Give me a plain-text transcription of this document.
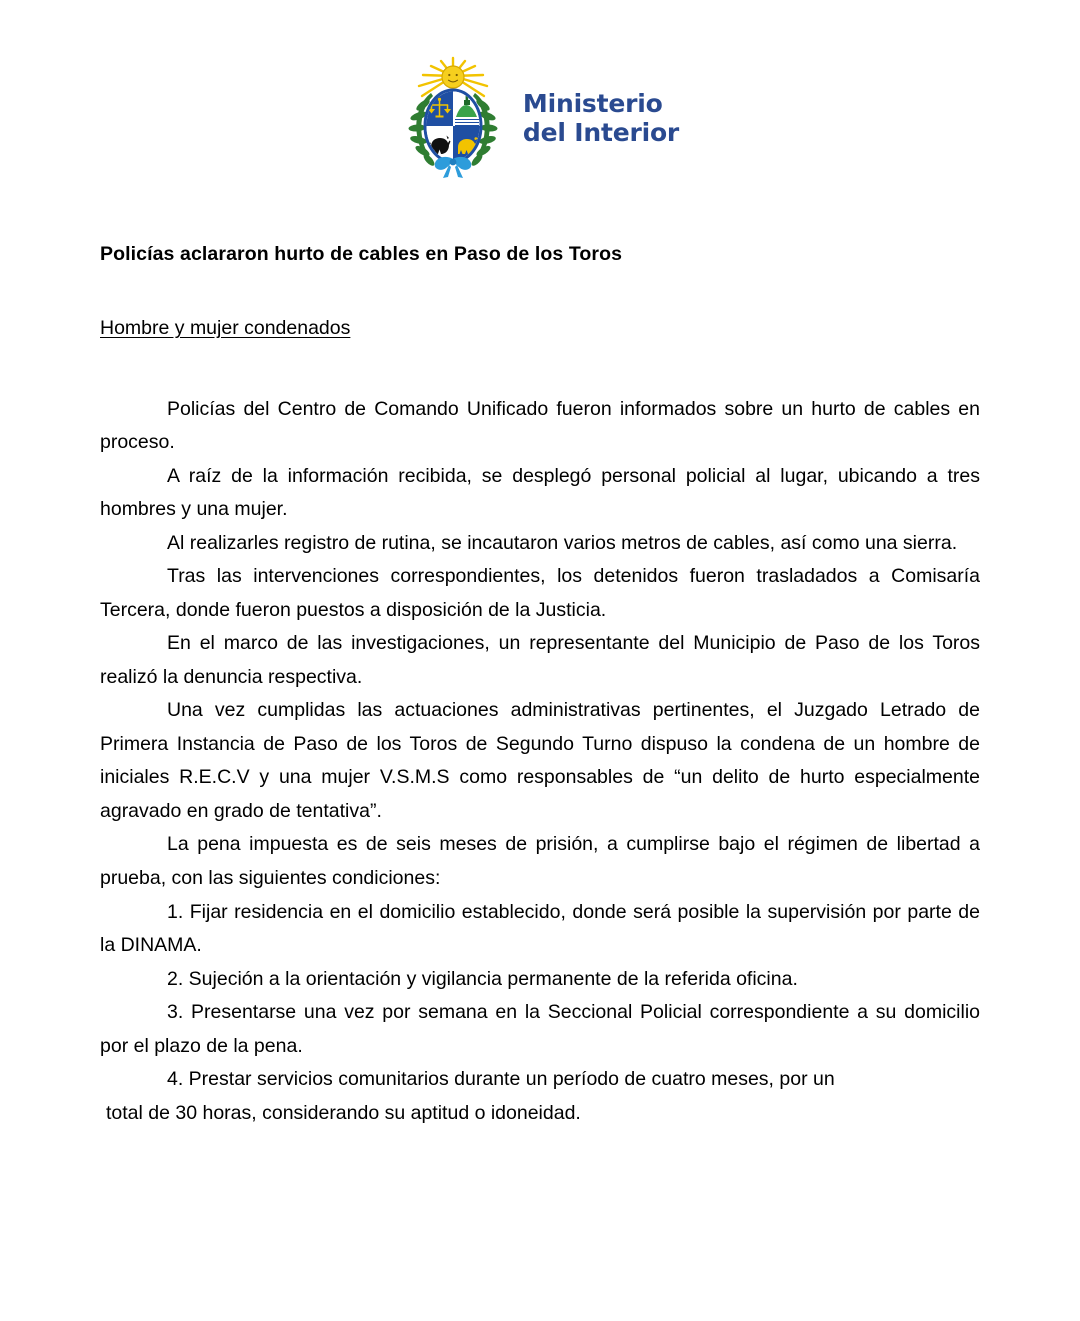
Ministerio
del Interior

Policías aclararon hurto de cables en Paso de los Toros

Hombre y mujer condenados

Policías del Centro de Comando Unificado fueron informados sobre un hurto de cables en proceso.

A raíz de la información recibida, se desplegó personal policial al lugar, ubicando a tres hombres y una mujer.

Al realizarles registro de rutina, se incautaron varios metros de cables, así como una sierra.

Tras las intervenciones correspondientes, los detenidos fueron trasladados a Comisaría Tercera, donde fueron puestos a disposición de la Justicia.

En el marco de las investigaciones, un representante del Municipio de Paso de los Toros realizó la denuncia respectiva.

Una vez cumplidas las actuaciones administrativas pertinentes, el Juzgado Letrado de Primera Instancia de Paso de los Toros de Segundo Turno dispuso la condena de un hombre de iniciales R.E.C.V y una mujer V.S.M.S como responsables de “un delito de hurto especialmente agravado en grado de tentativa”.

La pena impuesta es de seis meses de prisión, a cumplirse bajo el régimen de libertad a prueba, con las siguientes condiciones:

1. Fijar residencia en el domicilio establecido, donde será posible la supervisión por parte de la DINAMA.

2. Sujeción a la orientación y vigilancia permanente de la referida oficina.

3. Presentarse una vez por semana en la Seccional Policial correspondiente a su domicilio por el plazo de la pena.

4. Prestar servicios comunitarios durante un período de cuatro meses, por un
total de 30 horas, considerando su aptitud o idoneidad.
